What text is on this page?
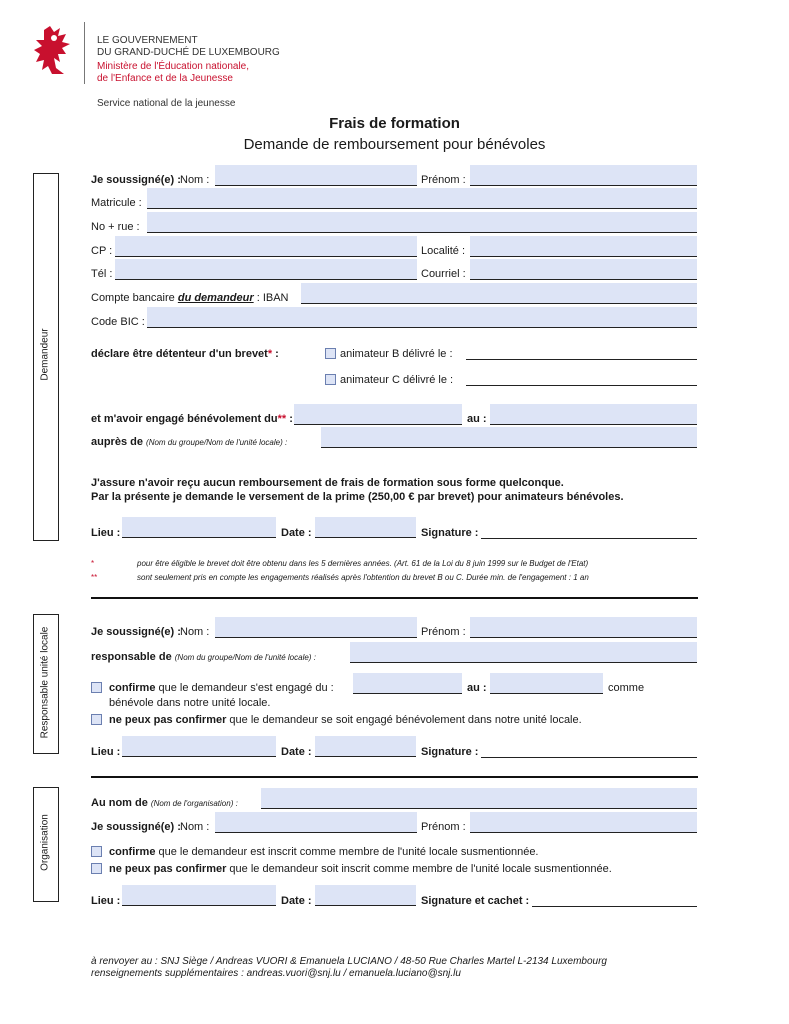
LE GOUVERNEMENT
DU GRAND-DUCHÉ DE LUXEMBOURG
Ministère de l'Éducation nationale,
de l'Enfance et de la Jeunesse
Service national de la jeunesse
Frais de formation
Demande de remboursement pour bénévoles
Demandeur
Je soussigné(e) : Nom :	Prénom :
Matricule :
No + rue :
CP :	Localité :
Tél :	Courriel :
Compte bancaire du demandeur : IBAN
Code BIC :
déclare être détenteur d'un brevet* :	animateur B délivré le :
animateur C délivré le :
et m'avoir engagé bénévolement du** :	au :
auprès de (Nom du groupe/Nom de l'unité locale) :
J'assure n'avoir reçu aucun remboursement de frais de formation sous forme quelconque.
Par la présente je demande le versement de la prime (250,00 € par brevet) pour animateurs bénévoles.
Lieu :	Date :	Signature :
*	pour être éligible le brevet doit être obtenu dans les 5 dernières années. (Art. 61 de la Loi du 8 juin 1999 sur le Budget de l'Etat)
**	sont seulement pris en compte les engagements réalisés après l'obtention du brevet B ou C. Durée min. de l'engagement : 1 an
Responsable unité locale	Je soussigné(e) : Nom :	Prénom :
responsable de (Nom du groupe/Nom de l'unité locale) :
confirme que le demandeur s'est engagé du :	au :	comme
bénévole dans notre unité locale.
ne peux pas confirmer que le demandeur se soit engagé bénévolement dans notre unité locale.
Lieu :	Date :	Signature :
Organisation
Au nom de (Nom de l'organisation) :
Je soussigné(e) : Nom :	Prénom :
confirme que le demandeur est inscrit comme membre de l'unité locale susmentionnée.
ne peux pas confirmer que le demandeur soit inscrit comme membre de l'unité locale susmentionnée.
Lieu :	Date :	Signature et cachet :
à renvoyer au : SNJ Siège / Andreas VUORI & Emanuela LUCIANO / 48-50 Rue Charles Martel L-2134 Luxembourg
renseignements supplémentaires : andreas.vuori@snj.lu / emanuela.luciano@snj.lu
